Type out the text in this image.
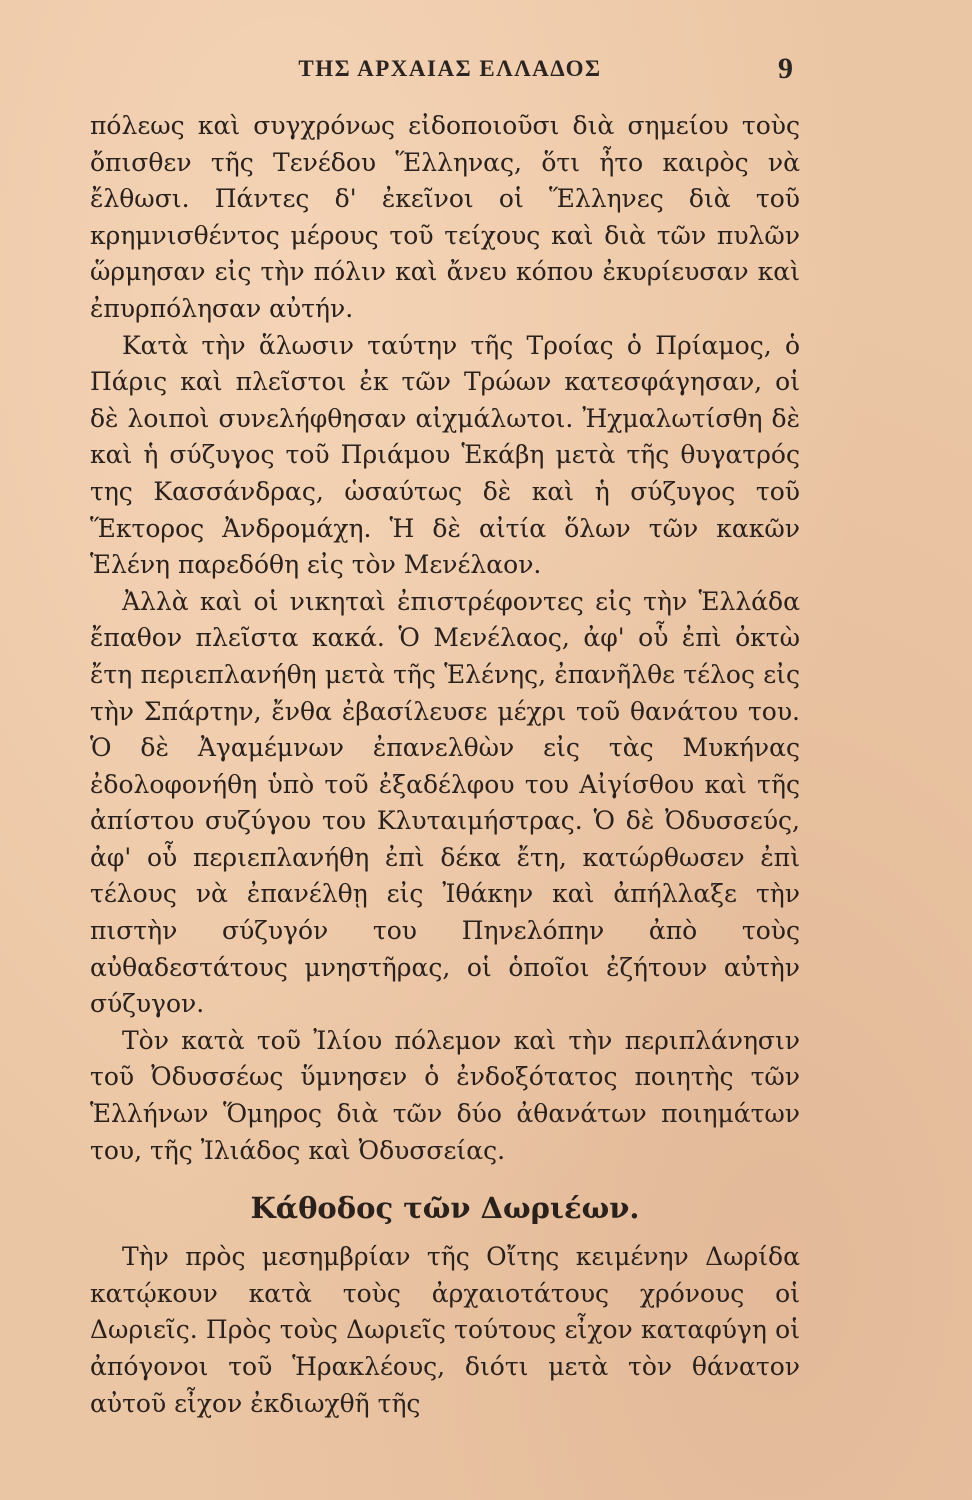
ΤΗΣ ΑΡΧΑΙΑΣ ΕΛΛΑΔΟΣ	9

πόλεως καὶ συγχρόνως εἰδοποιοῦσι διὰ σημείου τοὺς ὄπισθεν τῆς Τενέδου Ἕλληνας, ὅτι ἦτο καιρὸς νὰ ἔλθωσι. Πάντες δ' ἐκεῖνοι οἱ Ἕλληνες διὰ τοῦ κρημνισθέντος μέρους τοῦ τείχους καὶ διὰ τῶν πυλῶν ὥρμησαν εἰς τὴν πόλιν καὶ ἄνευ κόπου ἐκυρίευσαν καὶ ἐπυρπόλησαν αὐτήν.

Κατὰ τὴν ἅλωσιν ταύτην τῆς Τροίας ὁ Πρίαμος, ὁ Πάρις καὶ πλεῖστοι ἐκ τῶν Τρώων κατεσφάγησαν, οἱ δὲ λοιποὶ συνελήφθησαν αἰχμάλωτοι. Ἠχμαλωτίσθη δὲ καὶ ἡ σύζυγος τοῦ Πριάμου Ἑκάβη μετὰ τῆς θυγατρός της Κασσάνδρας, ὡσαύτως δὲ καὶ ἡ σύζυγος τοῦ Ἕκτορος Ἀνδρομάχη. Ἡ δὲ αἰτία ὅλων τῶν κακῶν Ἑλένη παρεδόθη εἰς τὸν Μενέλαον.

Ἀλλὰ καὶ οἱ νικηταὶ ἐπιστρέφοντες εἰς τὴν Ἑλλάδα ἔπαθον πλεῖστα κακά. Ὁ Μενέλαος, ἀφ' οὗ ἐπὶ ὀκτὼ ἔτη περιεπλανήθη μετὰ τῆς Ἑλένης, ἐπανῆλθε τέλος εἰς τὴν Σπάρτην, ἔνθα ἐβασίλευσε μέχρι τοῦ θανάτου του. Ὁ δὲ Ἀγαμέμνων ἐπανελθὼν εἰς τὰς Μυκήνας ἐδολοφονήθη ὑπὸ τοῦ ἐξαδέλφου του Αἰγίσθου καὶ τῆς ἀπίστου συζύγου του Κλυταιμήστρας. Ὁ δὲ Ὀδυσσεύς, ἀφ' οὗ περιεπλανήθη ἐπὶ δέκα ἔτη, κατώρθωσεν ἐπὶ τέλους νὰ ἐπανέλθῃ εἰς Ἰθάκην καὶ ἀπήλλαξε τὴν πιστὴν σύζυγόν του Πηνελόπην ἀπὸ τοὺς αὐθαδεστάτους μνηστῆρας, οἱ ὁποῖοι ἐζήτουν αὐτὴν σύζυγον.

Τὸν κατὰ τοῦ Ἰλίου πόλεμον καὶ τὴν περιπλάνησιν τοῦ Ὀδυσσέως ὕμνησεν ὁ ἐνδοξότατος ποιητὴς τῶν Ἑλλήνων Ὅμηρος διὰ τῶν δύο ἀθανάτων ποιημάτων του, τῆς Ἰλιάδος καὶ Ὀδυσσείας.

Κάθοδος τῶν Δωριέων.

Τὴν πρὸς μεσημβρίαν τῆς Οἴτης κειμένην Δωρίδα κατῴκουν κατὰ τοὺς ἀρχαιοτάτους χρόνους οἱ Δωριεῖς. Πρὸς τοὺς Δωριεῖς τούτους εἶχον καταφύγη οἱ ἀπόγονοι τοῦ Ἡρακλέους, διότι μετὰ τὸν θάνατον αὐτοῦ εἶχον ἐκδιωχθῆ τῆς
